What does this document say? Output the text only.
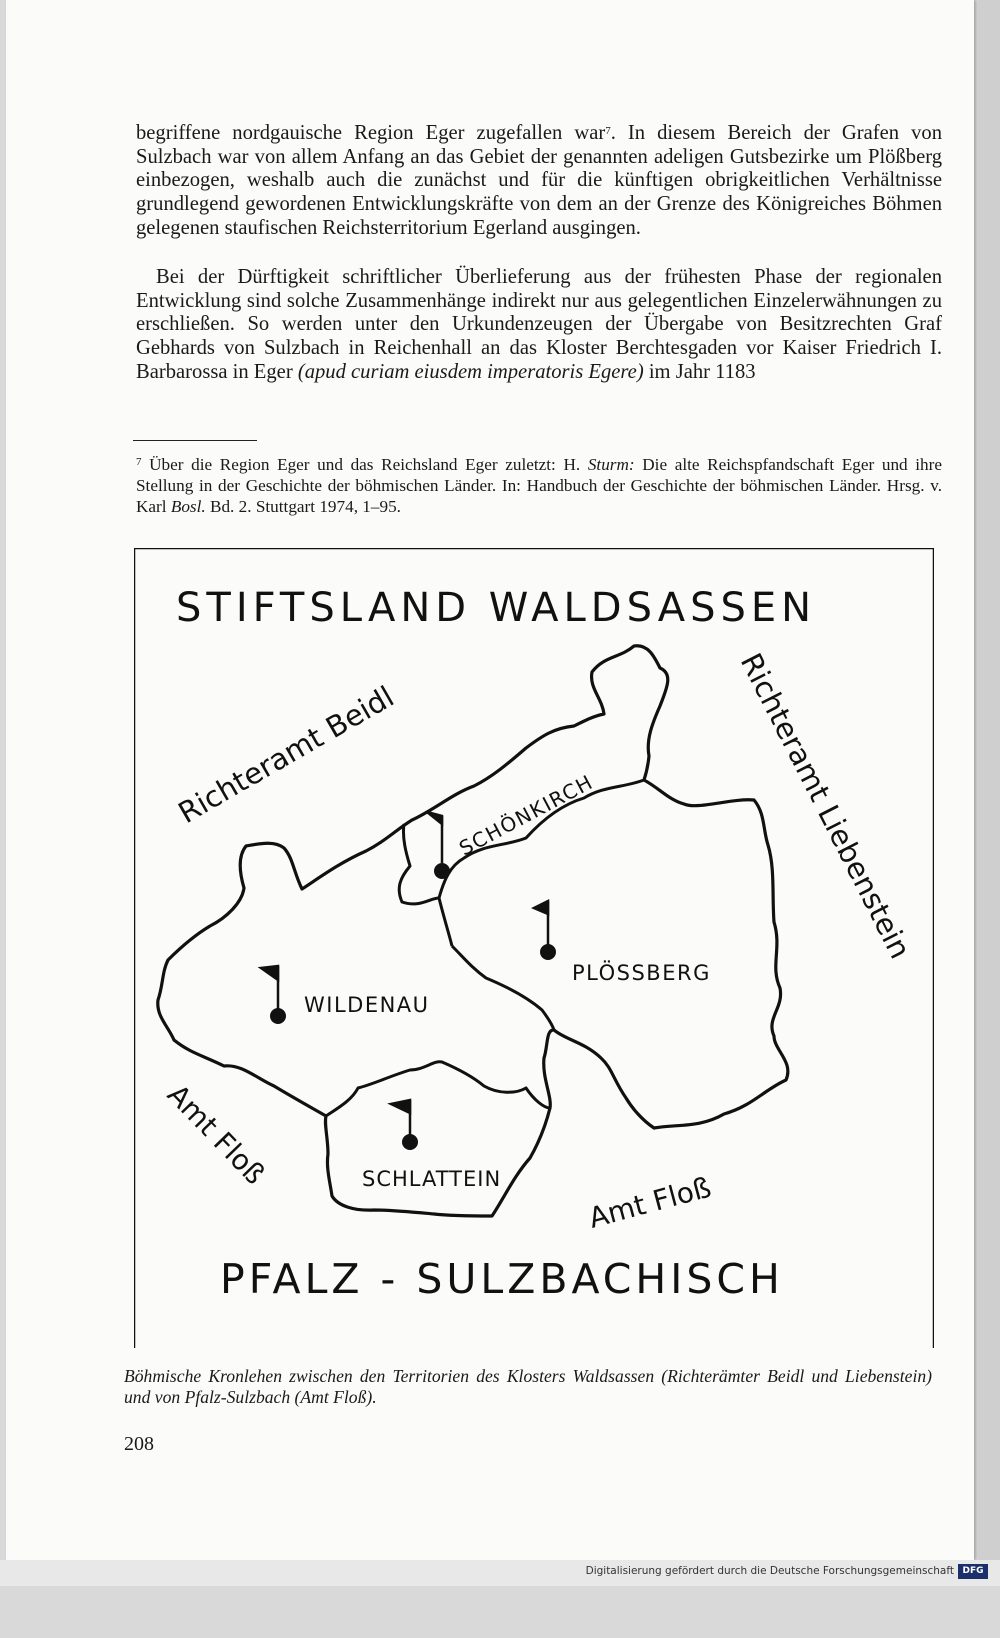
begriffene nordgauische Region Eger zugefallen war$^7$. In diesem Bereich der Grafen von Sulzbach war von allem Anfang an das Gebiet der genannten adeligen Gutsbezirke um Plößberg einbezogen, weshalb auch die zunächst und für die künftigen obrigkeitlichen Verhältnisse grundlegend gewordenen Entwicklungskräfte von dem an der Grenze des Königreiches Böhmen gelegenen staufischen Reichsterritorium Egerland ausgingen.

Bei der Dürftigkeit schriftlicher Überlieferung aus der frühesten Phase der regionalen Entwicklung sind solche Zusammenhänge indirekt nur aus gelegentlichen Einzelerwähnungen zu erschließen. So werden unter den Urkundenzeugen der Übergabe von Besitzrechten Graf Gebhards von Sulzbach in Reichenhall an das Kloster Berchtesgaden vor Kaiser Friedrich I. Barbarossa in Eger (apud curiam eiusdem imperatoris Egere) im Jahr 1183

$^7$ Über die Region Eger und das Reichsland Eger zuletzt: H. Sturm: Die alte Reichspfandschaft Eger und ihre Stellung in der Geschichte der böhmischen Länder. In: Handbuch der Geschichte der böhmischen Länder. Hrsg. v. Karl Bosl. Bd. 2. Stuttgart 1974, 1–95.

STIFTSLAND WALDSASSEN
Richteramt Beidl	Richteramt Liebenstein
Amt Floß
Amt Floß
SCHÖNKIRCH
PLÖSSBERG
WILDENAU
SCHLATTEIN
PFALZ - SULZBACHISCH

Böhmische Kronlehen zwischen den Territorien des Klosters Waldsassen (Richterämter Beidl und Liebenstein) und von Pfalz-Sulzbach (Amt Floß).

208

Digitalisierung gefördert durch die Deutsche Forschungsgemeinschaft DFG
